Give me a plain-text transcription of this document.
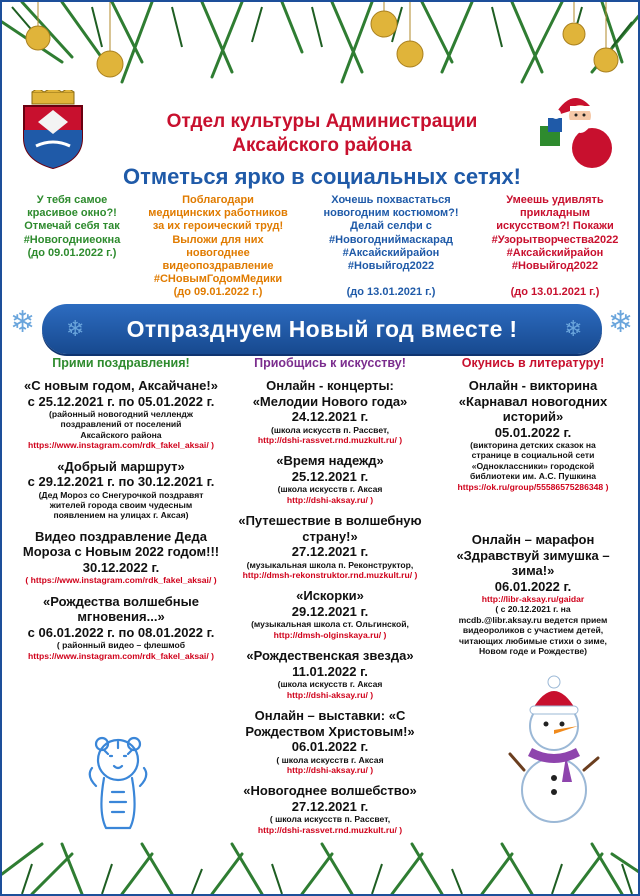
Отдел культуры Администрации
Аксайского района
Отметься ярко в социальных сетях!
У тебя самое
красивое окно?!
Отмечай себя так
#Новогодниеокна
(до 09.01.2022 г.)
Поблагодари
медицинских работников
за их героический труд!
Выложи для них
новогоднее
видеопоздравление
#СНовымГодомМедики
(до 09.01.2022 г.)
Хочешь похвастаться
новогодним костюмом?!
Делай селфи с
#Новогодниймаскарад
#Аксайскийрайон
#Новыйгод2022

(до 13.01.2021 г.)
Умеешь удивлять
прикладным
искусством?! Покажи
#Узорытворчества2022
#Аксайскийрайон
#Новыйгод2022

(до 13.01.2021 г.)
Отпразднуем Новый год вместе !
❄ ❄	❄
❄
Прими поздравления!
«С новым годом, Аксайчане!»
с 25.12.2021 г. по 05.01.2022 г.
(районный новогодний челлендж
поздравлений от поселений
Аксайского района
https://www.instagram.com/rdk_fakel_aksai/ )
«Добрый маршрут»
с 29.12.2021 г. по 30.12.2021 г.
(Дед Мороз со Снегурочкой поздравят
жителей города своим чудесным
появлением на улицах г. Аксая)
Видео поздравление Деда Мороза с Новым 2022 годом!!!
30.12.2022 г.
( https://www.instagram.com/rdk_fakel_aksai/ )
«Рождества волшебные мгновения...»
с 06.01.2022 г. по 08.01.2022 г.
( районный видео – флешмоб
https://www.instagram.com/rdk_fakel_aksai/ )
Приобщись к искусству!
Онлайн - концерты: «Мелодии Нового года»
24.12.2021 г.
(школа искусств п. Рассвет,
http://dshi-rassvet.rnd.muzkult.ru/ )
«Время надежд»
25.12.2021 г.
(школа искусств г. Аксая
http://dshi-aksay.ru/ )
«Путешествие в волшебную страну!»
27.12.2021 г.
(музыкальная школа п. Реконструктор,
http://dmsh-rekonstruktor.rnd.muzkult.ru/ )
«Искорки»
29.12.2021 г.
(музыкальная школа ст. Ольгинской,
http://dmsh-olginskaya.ru/ )
«Рождественская звезда»
11.01.2022 г.
(школа искусств г. Аксая
http://dshi-aksay.ru/ )
Онлайн – выставки: «С Рождеством Христовым!»
06.01.2022 г.
( школа искусств г. Аксая
http://dshi-aksay.ru/ )
«Новогоднее волшебство»
27.12.2021 г.
( школа искусств п. Рассвет,
http://dshi-rassvet.rnd.muzkult.ru/ )
Окунись в литературу!
Онлайн - викторина «Карнавал новогодних историй»
05.01.2022 г.
(викторина детских сказок на
странице в социальной сети
«Одноклассники» городской
библиотеки им. А.С. Пушкина
https://ok.ru/group/55586575286348 )
Онлайн – марафон «Здравствуй зимушка – зима!»
06.01.2022 г.
http://libr-aksay.ru/gaidar
( с 20.12.2021 г. на
mcdb.@libr.aksay.ru ведется прием
видеороликов с участием детей,
читающих любимые стихи о зиме,
Новом годе и Рождестве)
